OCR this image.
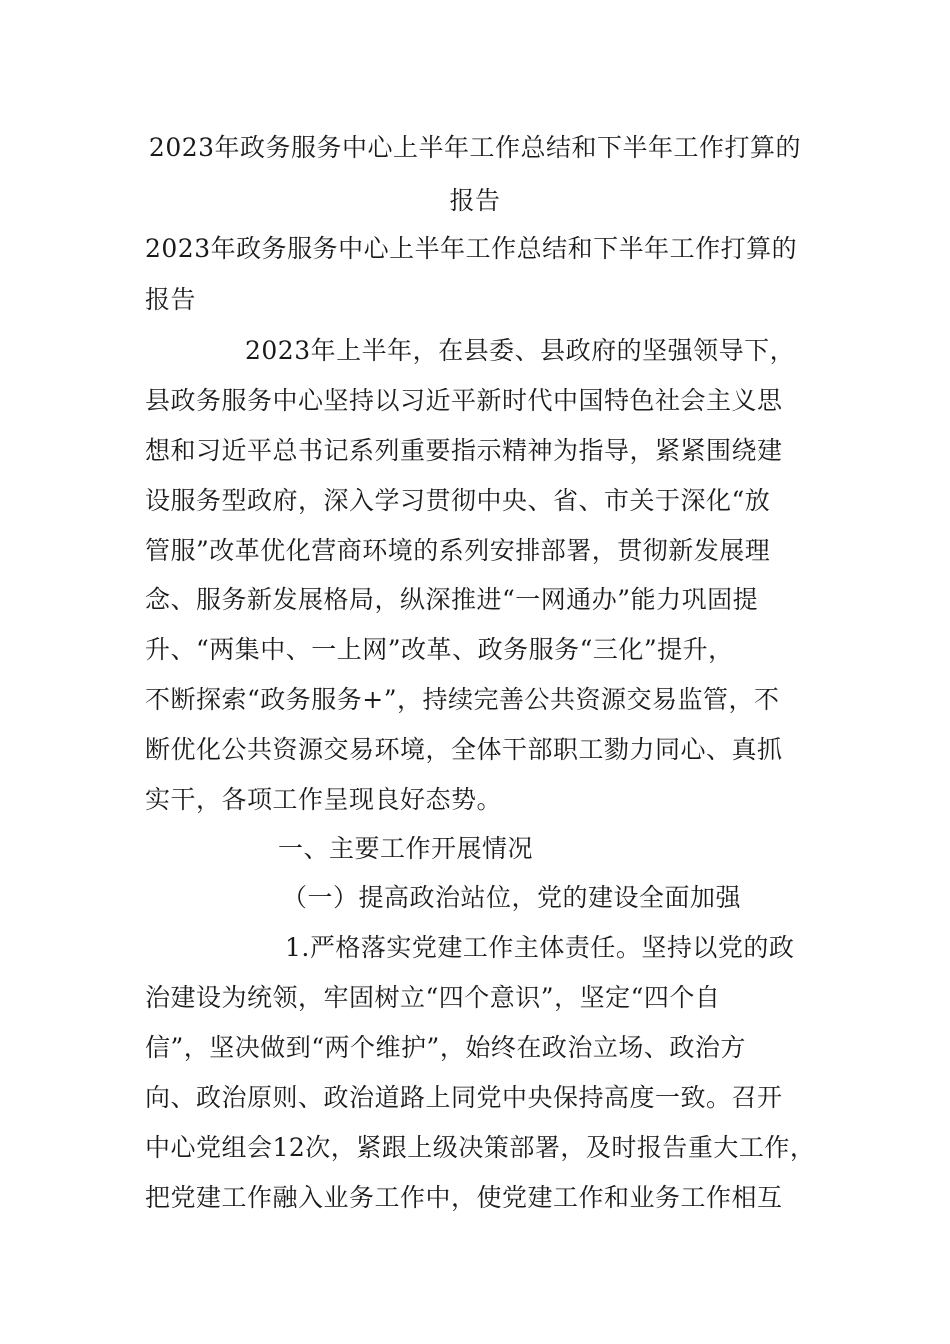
2023年政务服务中心上半年工作总结和下半年工作打算的
报告
2023年政务服务中心上半年工作总结和下半年工作打算的
报告
2023年上半年，在县委、县政府的坚强领导下，
县政务服务中心坚持以习近平新时代中国特色社会主义思
想和习近平总书记系列重要指示精神为指导，紧紧围绕建
设服务型政府，深入学习贯彻中央、省、市关于深化“放
管服”改革优化营商环境的系列安排部署，贯彻新发展理
念、服务新发展格局，纵深推进“一网通办”能力巩固提
升、“两集中、一上网”改革、政务服务“三化”提升，
不断探索“政务服务+”，持续完善公共资源交易监管，不
断优化公共资源交易环境，全体干部职工勠力同心、真抓
实干，各项工作呈现良好态势。
一、主要工作开展情况
（一）提高政治站位，党的建设全面加强
1.严格落实党建工作主体责任。坚持以党的政
治建设为统领，牢固树立“四个意识”，坚定“四个自
信”，坚决做到“两个维护”，始终在政治立场、政治方
向、政治原则、政治道路上同党中央保持高度一致。召开
中心党组会12次，紧跟上级决策部署，及时报告重大工作，
把党建工作融入业务工作中，使党建工作和业务工作相互
